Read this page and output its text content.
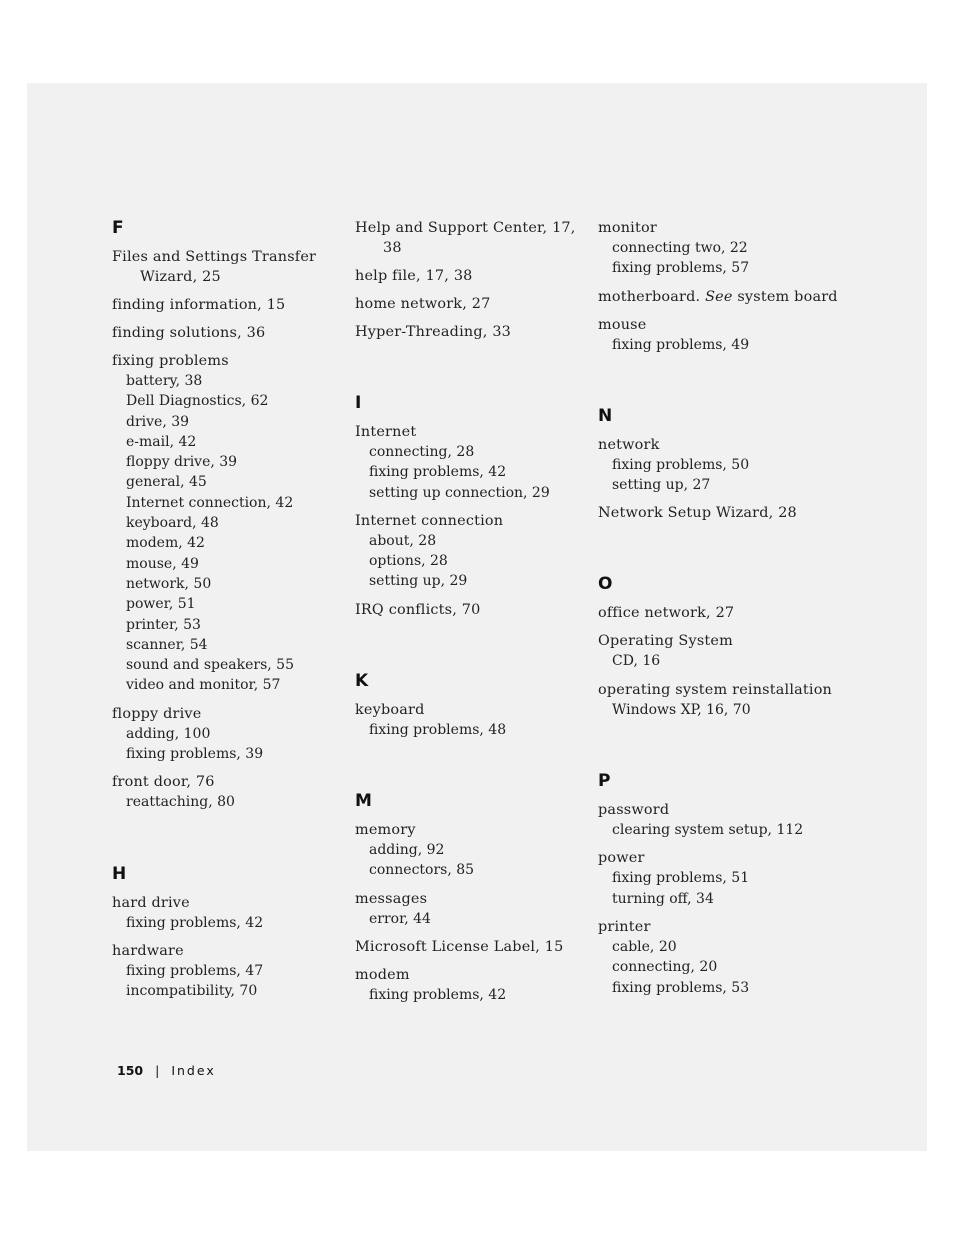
F
Files and Settings Transfer Wizard, 25
finding information, 15
finding solutions, 36
fixing problems
battery, 38
Dell Diagnostics, 62
drive, 39
e-mail, 42
floppy drive, 39
general, 45
Internet connection, 42
keyboard, 48
modem, 42
mouse, 49
network, 50
power, 51
printer, 53
scanner, 54
sound and speakers, 55
video and monitor, 57
floppy drive
adding, 100
fixing problems, 39
front door, 76
reattaching, 80
H
hard drive
fixing problems, 42
hardware
fixing problems, 47
incompatibility, 70
Help and Support Center, 17, 38
help file, 17, 38
home network, 27
Hyper-Threading, 33
I
Internet
connecting, 28
fixing problems, 42
setting up connection, 29
Internet connection
about, 28
options, 28
setting up, 29
IRQ conflicts, 70
K
keyboard
fixing problems, 48
M
memory
adding, 92
connectors, 85
messages
error, 44
Microsoft License Label, 15
modem
fixing problems, 42
monitor
connecting two, 22
fixing problems, 57
motherboard. See system board
mouse
fixing problems, 49
N
network
fixing problems, 50
setting up, 27
Network Setup Wizard, 28
O
office network, 27
Operating System
CD, 16
operating system reinstallation
Windows XP, 16, 70
P
password
clearing system setup, 112
power
fixing problems, 51
turning off, 34
printer
cable, 20
connecting, 20
fixing problems, 53
150 | Index
